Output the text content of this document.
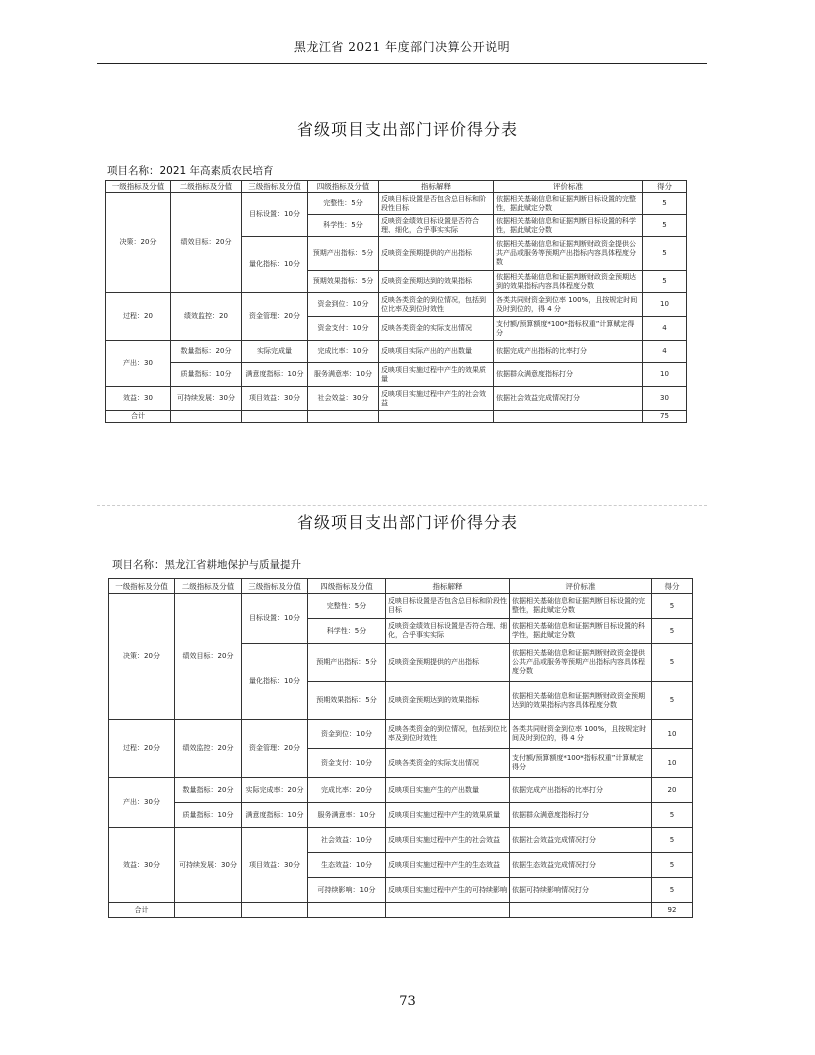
黑龙江省 2021 年度部门决算公开说明
省级项目支出部门评价得分表
项目名称：2021 年高素质农民培育
一级指标及分值	二级指标及分值	三级指标及分值	四级指标及分值	指标解释	评价标准	得分
决策：20分	绩效目标：20分	目标设置：10分	完整性：5分	反映目标设置是否包含总目标和阶段性目标	依据相关基础信息和证据判断目标设置的完整性，据此赋定分数	5
			科学性：5分	反映资金绩效目标设置是否符合理、细化，合乎事实实际	依据相关基础信息和证据判断目标设置的科学性，据此赋定分数	5
		量化指标：10分	预期产出指标：5分	反映资金预期提供的产出指标	依据相关基础信息和证据判断财政资金提供公共产品或服务等预期产出指标内容具体程度分数	5
			预期效果指标：5分	反映资金预期达到的效果指标	依据相关基础信息和证据判断财政资金预期达到的效果指标内容具体程度分数	5
过程：20	绩效监控：20	资金管理：20分	资金到位：10分	反映各类资金的到位情况，包括到位比率及到位时效性	各类共同财资金到位率 100%，且按规定时间及时到位的，得 4 分	10
			资金支付：10分	反映各类资金的实际支出情况	支付额/预算额度*100*指标权重”计算赋定得分	4
产出：30	数量指标：20分	实际完成量	完成比率：10分	反映项目实际产出的产出数量	依据完成产出指标的比率打分	4
	质量指标：10分	满意度指标：10分	服务满意率：10分	反映项目实施过程中产生的效果质量	依据群众满意度指标打分	10
效益：30	可持续发展：30分	项目效益：30分	社会效益：30分	反映项目实施过程中产生的社会效益	依据社会效益完成情况打分	30
合计						75
省级项目支出部门评价得分表
项目名称：黑龙江省耕地保护与质量提升
一级指标及分值	二级指标及分值	三级指标及分值	四级指标及分值	指标解释	评价标准	得分
决策：20分	绩效目标：20分	目标设置：10分	完整性：5分	反映目标设置是否包含总目标和阶段性目标	依据相关基础信息和证据判断目标设置的完整性，据此赋定分数	5
			科学性：5分	反映资金绩效目标设置是否符合理、细化，合乎事实实际	依据相关基础信息和证据判断目标设置的科学性，据此赋定分数	5
		量化指标：10分	预期产出指标：5分	反映资金预期提供的产出指标	依据相关基础信息和证据判断财政资金提供公共产品或服务等预期产出指标内容具体程度分数	5
			预期效果指标：5分	反映资金预期达到的效果指标	依据相关基础信息和证据判断财政资金预期达到的效果指标内容具体程度分数	5
过程：20分	绩效监控：20分	资金管理：20分	资金到位：10分	反映各类资金的到位情况，包括到位比率及到位时效性	各类共同财资金到位率 100%，且按规定时间及时到位的，得 4 分	10
			资金支付：10分	反映各类资金的实际支出情况	支付额/预算额度*100*指标权重”计算赋定得分	10
产出：30分	数量指标：20分	实际完成率：20分	完成比率：20分	反映项目实施产生的产出数量	依据完成产出指标的比率打分	20
	质量指标：10分	满意度指标：10分	服务满意率：10分	反映项目实施过程中产生的效果质量	依据群众满意度指标打分	5
效益：30分	可持续发展：30分	项目效益：30分	社会效益：10分	反映项目实施过程中产生的社会效益	依据社会效益完成情况打分	5
			生态效益：10分	反映项目实施过程中产生的生态效益	依据生态效益完成情况打分	5
			可持续影响：10分	反映项目实施过程中产生的可持续影响	依据可持续影响情况打分	5
合计						92
73
